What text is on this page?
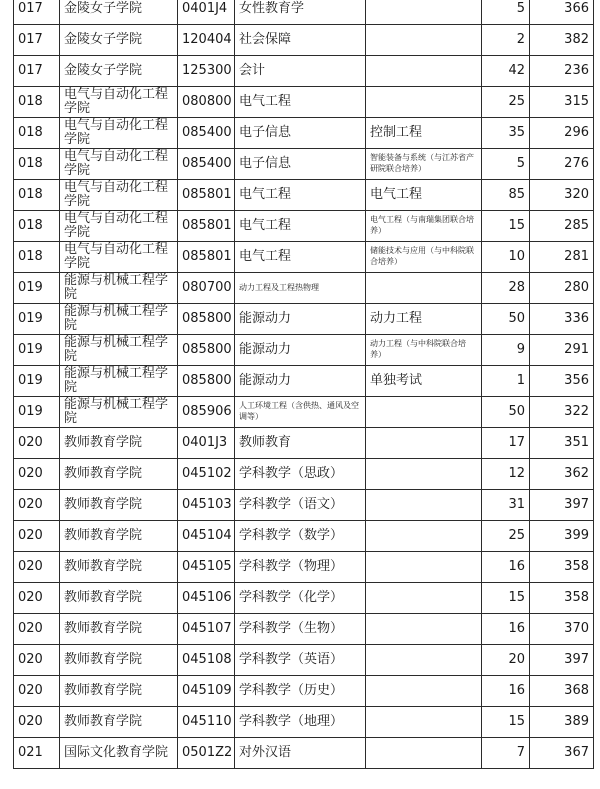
017	金陵女子学院	0401J4	女性教育学		5	366
017	金陵女子学院	120404	社会保障		2	382
017	金陵女子学院	125300	会计		42	236
018	电气与自动化工程学院	080800	电气工程		25	315
018	电气与自动化工程学院	085400	电子信息	控制工程	35	296
018	电气与自动化工程学院	085400	电子信息	智能装备与系统（与江苏省产研院联合培养）	5	276
018	电气与自动化工程学院	085801	电气工程	电气工程	85	320
018	电气与自动化工程学院	085801	电气工程	电气工程（与南瑞集团联合培养）	15	285
018	电气与自动化工程学院	085801	电气工程	储能技术与应用（与中科院联合培养）	10	281
019	能源与机械工程学院	080700	动力工程及工程热物理		28	280
019	能源与机械工程学院	085800	能源动力	动力工程	50	336
019	能源与机械工程学院	085800	能源动力	动力工程（与中科院联合培养）	9	291
019	能源与机械工程学院	085800	能源动力	单独考试	1	356
019	能源与机械工程学院	085906	人工环境工程（含供热、通风及空调等）		50	322
020	教师教育学院	0401J3	教师教育		17	351
020	教师教育学院	045102	学科教学（思政）		12	362
020	教师教育学院	045103	学科教学（语文）		31	397
020	教师教育学院	045104	学科教学（数学）		25	399
020	教师教育学院	045105	学科教学（物理）		16	358
020	教师教育学院	045106	学科教学（化学）		15	358
020	教师教育学院	045107	学科教学（生物）		16	370
020	教师教育学院	045108	学科教学（英语）		20	397
020	教师教育学院	045109	学科教学（历史）		16	368
020	教师教育学院	045110	学科教学（地理）		15	389
021	国际文化教育学院	0501Z2	对外汉语		7	367
